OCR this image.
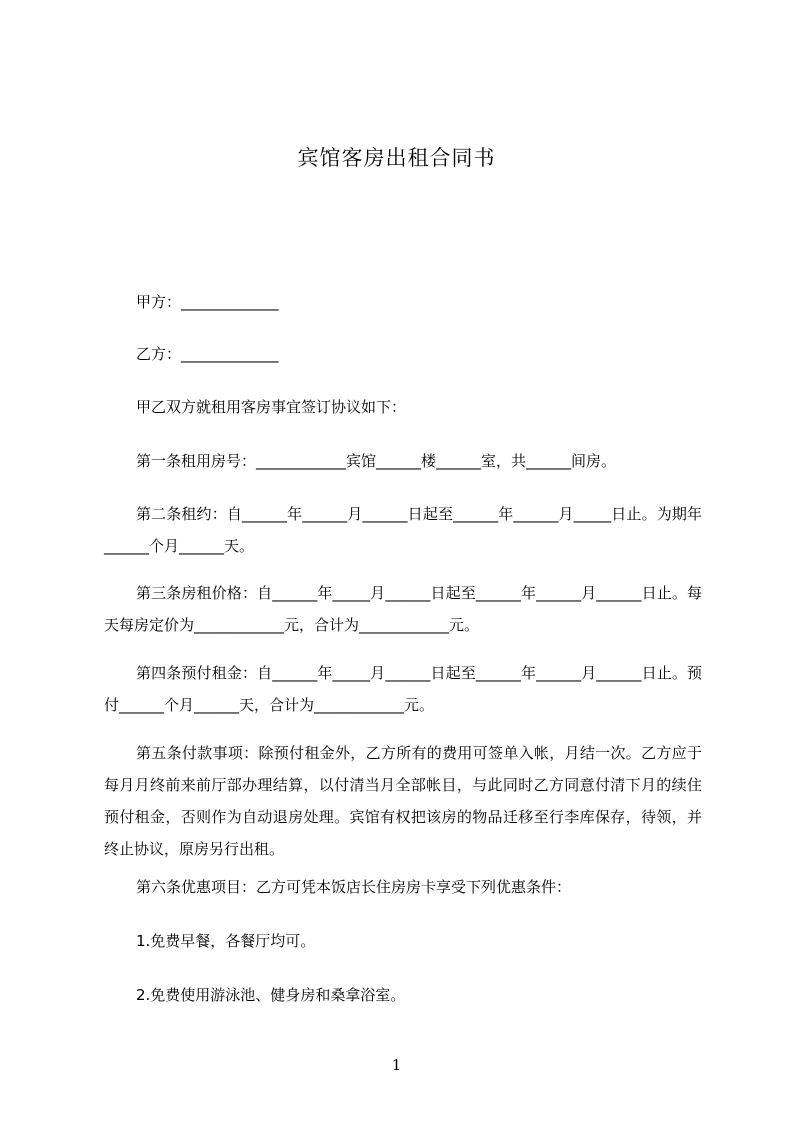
宾馆客房出租合同书

甲方：_____________

乙方：_____________

甲乙双方就租用客房事宜签订协议如下：

第一条租用房号：____________宾馆______楼______室，共______间房。

第二条租约：自______年______月______日起至______年______月_____日止。为期年______个月______天。

第三条房租价格：自______年_____月______日起至______年______月______日止。每天每房定价为____________元，合计为____________元。

第四条预付租金：自______年_____月______日起至______年______月______日止。预付______个月______天，合计为____________元。

第五条付款事项：除预付租金外，乙方所有的费用可签单入帐，月结一次。乙方应于每月月终前来前厅部办理结算，以付清当月全部帐目，与此同时乙方同意付清下月的续住预付租金，否则作为自动退房处理。宾馆有权把该房的物品迁移至行李库保存，待领，并终止协议，原房另行出租。

第六条优惠项目：乙方可凭本饭店长住房房卡享受下列优惠条件：

1.免费早餐，各餐厅均可。

2.免费使用游泳池、健身房和桑拿浴室。

1
